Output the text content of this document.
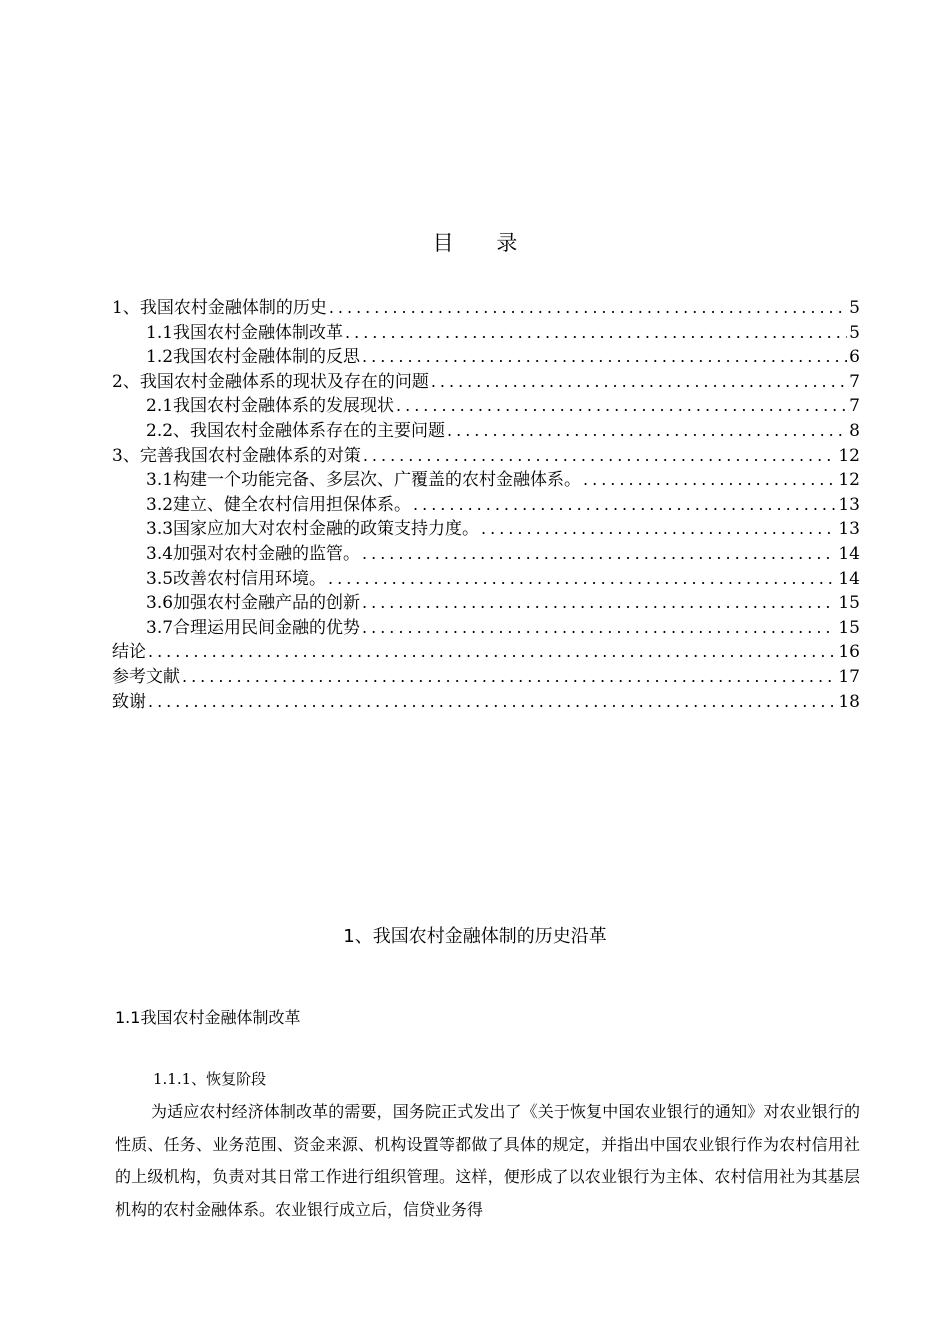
目 录
1、我国农村金融体制的历史 .....	5
1.1我国农村金融体制改革 .....	5
1.2我国农村金融体制的反思 .....	6
2、我国农村金融体系的现状及存在的问题 .....	7
2.1我国农村金融体系的发展现状 .....	7
2.2、我国农村金融体系存在的主要问题 .....	8
3、完善我国农村金融体系的对策 .....	12
3.1构建一个功能完备、多层次、广覆盖的农村金融体系。 .....	12
3.2建立、健全农村信用担保体系。 .....	13
3.3国家应加大对农村金融的政策支持力度。 .....	13
3.4加强对农村金融的监管。 .....	14
3.5改善农村信用环境。 .....	14
3.6加强农村金融产品的创新 .....	15
3.7合理运用民间金融的优势 .....	15
结论 .....	16
参考文献 .....	17
致谢 .....	18
1、我国农村金融体制的历史沿革
1.1我国农村金融体制改革
1.1.1、恢复阶段

为适应农村经济体制改革的需要，国务院正式发出了《关于恢复中国农业银行的通知》对农业银行的性质、任务、业务范围、资金来源、机构设置等都做了具体的规定，并指出中国农业银行作为农村信用社的上级机构，负责对其日常工作进行组织管理。这样，便形成了以农业银行为主体、农村信用社为其基层机构的农村金融体系。农业银行成立后，信贷业务得
